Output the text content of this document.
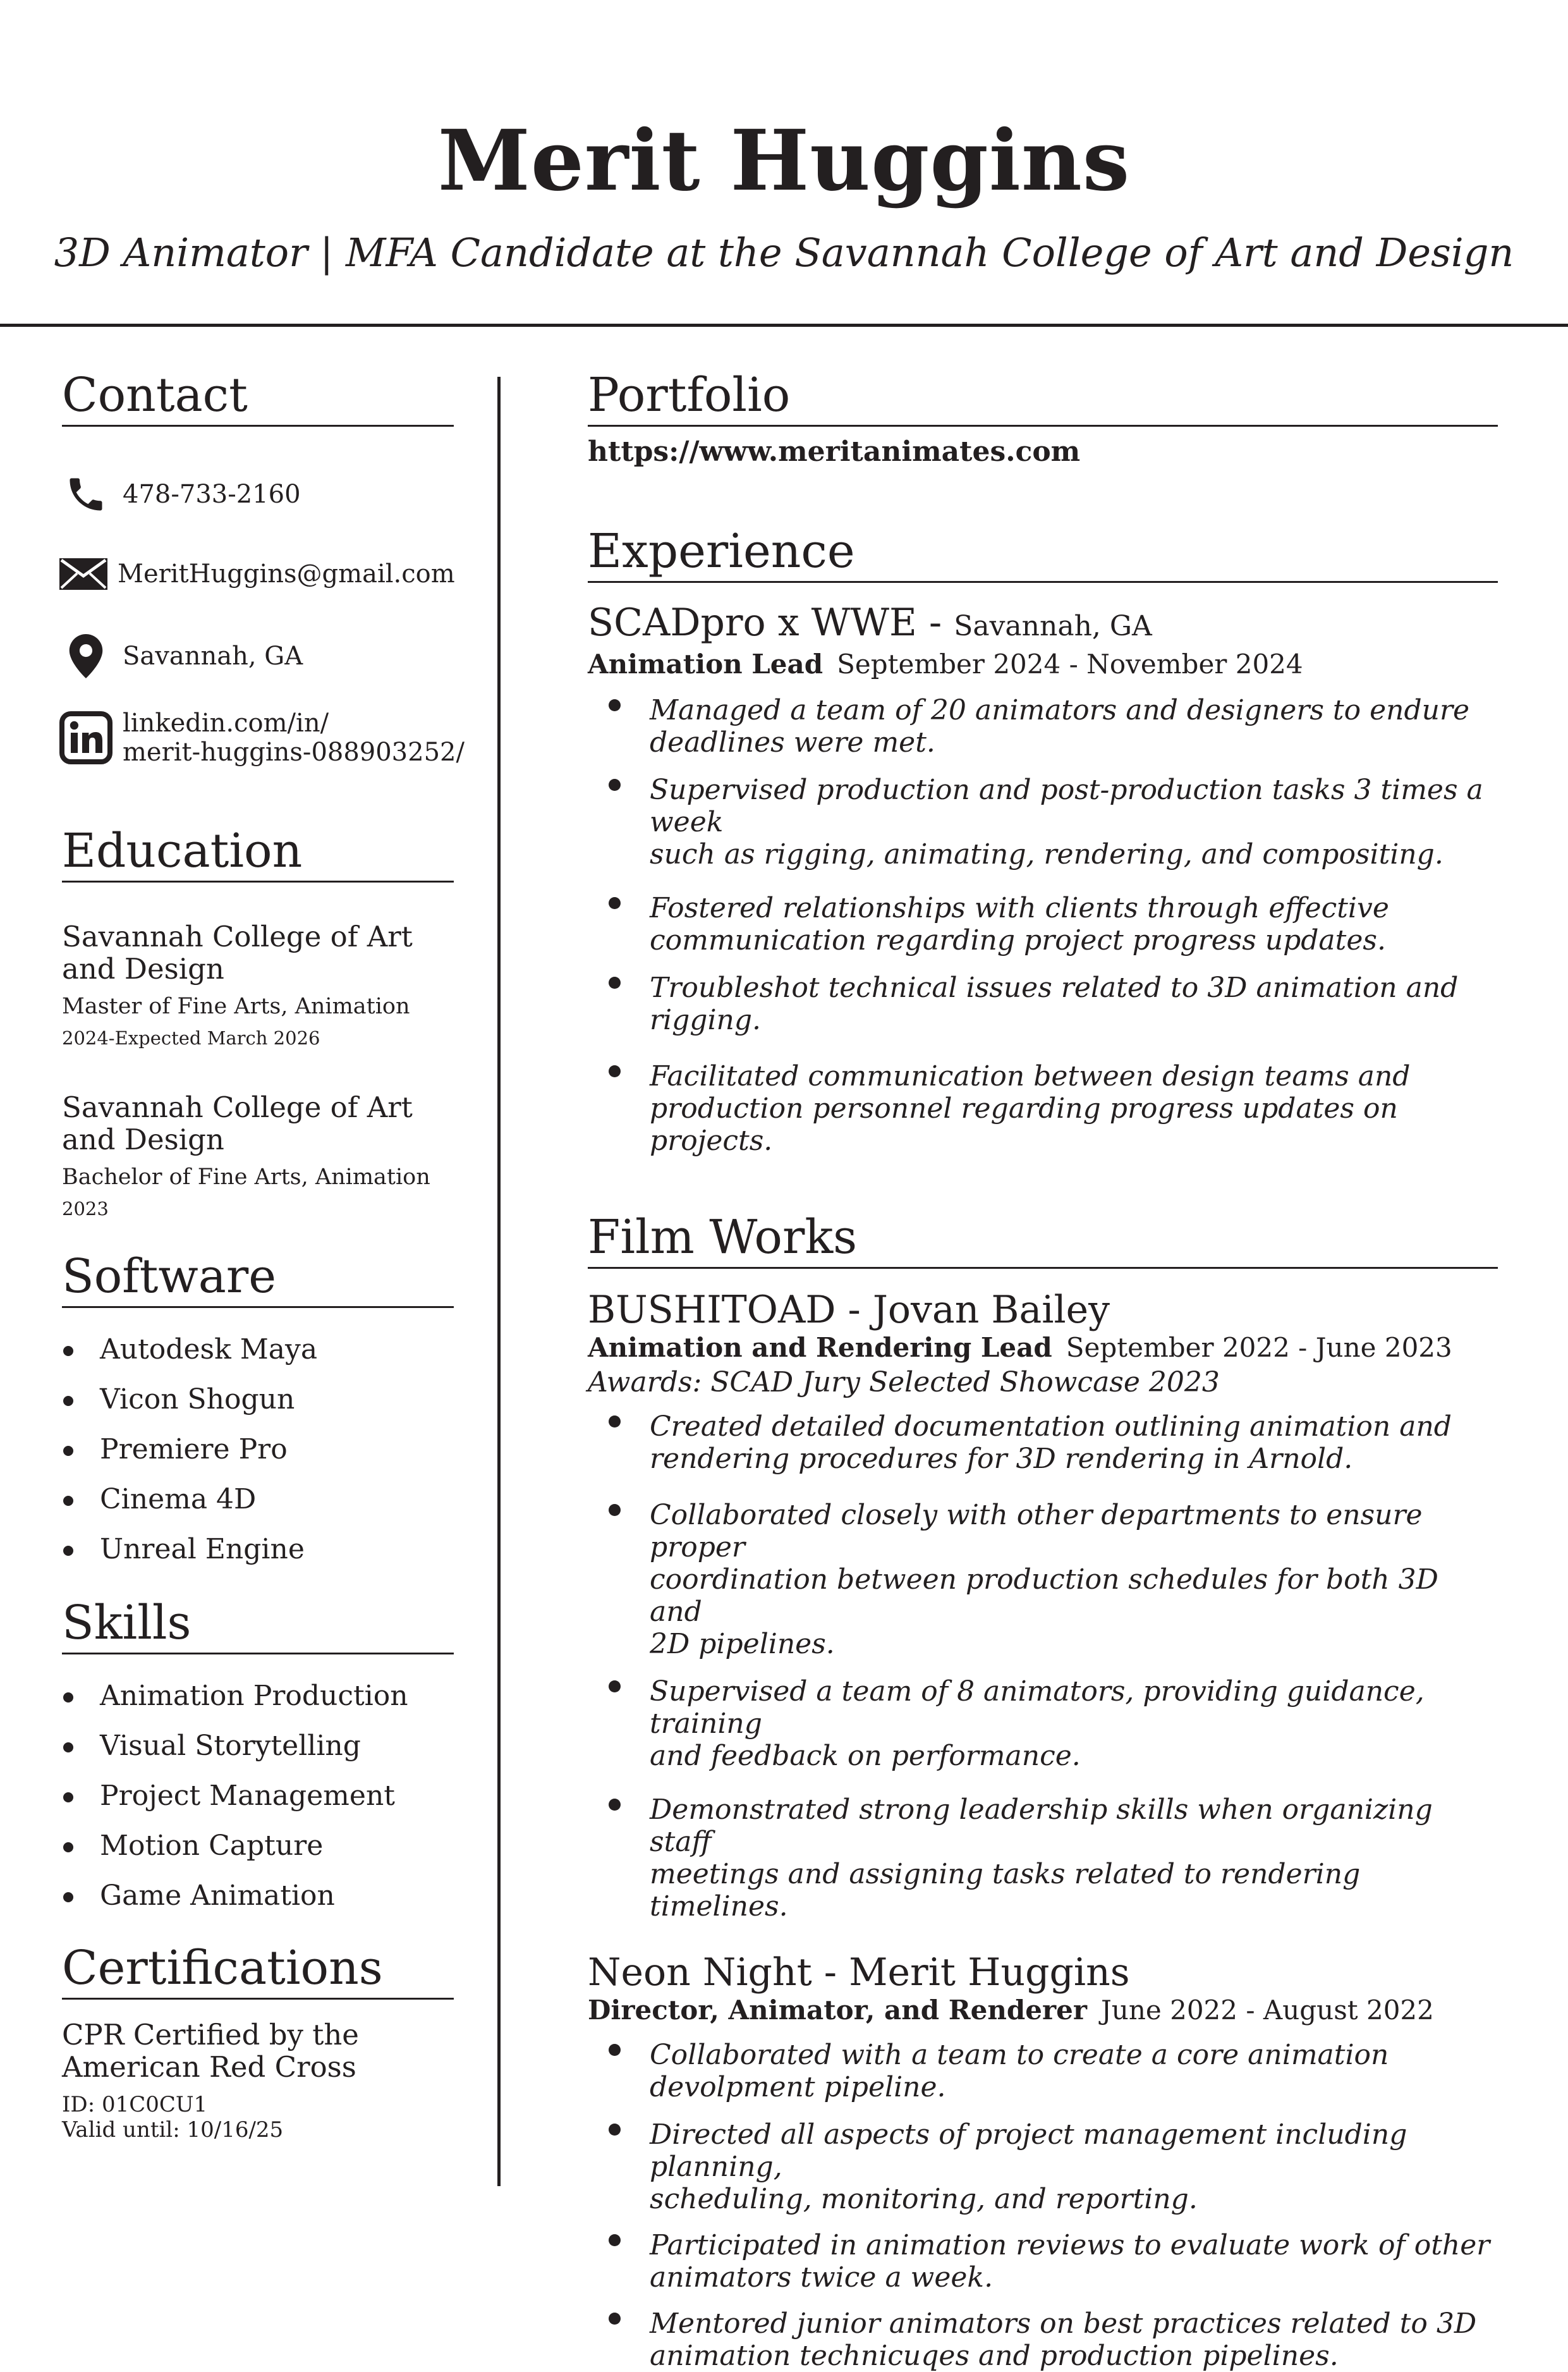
Merit Huggins
3D Animator | MFA Candidate at the Savannah College of Art and Design
Contact
478-733-2160
MeritHuggins@gmail.com
Savannah, GA
linkedin.com/in/
merit-huggins-088903252/
Education
Savannah College of Art
and Design
Master of Fine Arts, Animation
2024-Expected March 2026
Savannah College of Art
and Design
Bachelor of Fine Arts, Animation
2023
Software
Autodesk Maya
Vicon Shogun
Premiere Pro
Cinema 4D
Unreal Engine
Skills
Animation Production
Visual Storytelling
Project Management
Motion Capture
Game Animation
Certifications
CPR Certified by the
American Red Cross
ID: 01C0CU1
Valid until: 10/16/25
Portfolio
https://www.meritanimates.com
Experience
SCADpro x WWE - Savannah, GA
Animation Lead September 2024 - November 2024
Managed a team of 20 animators and designers to endure
deadlines were met.
Supervised production and post-production tasks 3 times a week
such as rigging, animating, rendering, and compositing.
Fostered relationships with clients through effective
communication regarding project progress updates.
Troubleshot technical issues related to 3D animation and
rigging.
Facilitated communication between design teams and
production personnel regarding progress updates on projects.
Film Works
BUSHITOAD - Jovan Bailey
Animation and Rendering Lead September 2022 - June 2023
Awards: SCAD Jury Selected Showcase 2023
Created detailed documentation outlining animation and
rendering procedures for 3D rendering in Arnold.
Collaborated closely with other departments to ensure proper
coordination between production schedules for both 3D and
2D pipelines.
Supervised a team of 8 animators, providing guidance, training
and feedback on performance.
Demonstrated strong leadership skills when organizing staff
meetings and assigning tasks related to rendering timelines.
Neon Night - Merit Huggins
Director, Animator, and Renderer June 2022 - August 2022
Collaborated with a team to create a core animation
devolpment pipeline.
Directed all aspects of project management including planning,
scheduling, monitoring, and reporting.
Participated in animation reviews to evaluate work of other
animators twice a week.
Mentored junior animators on best practices related to 3D
animation technicuqes and production pipelines.
